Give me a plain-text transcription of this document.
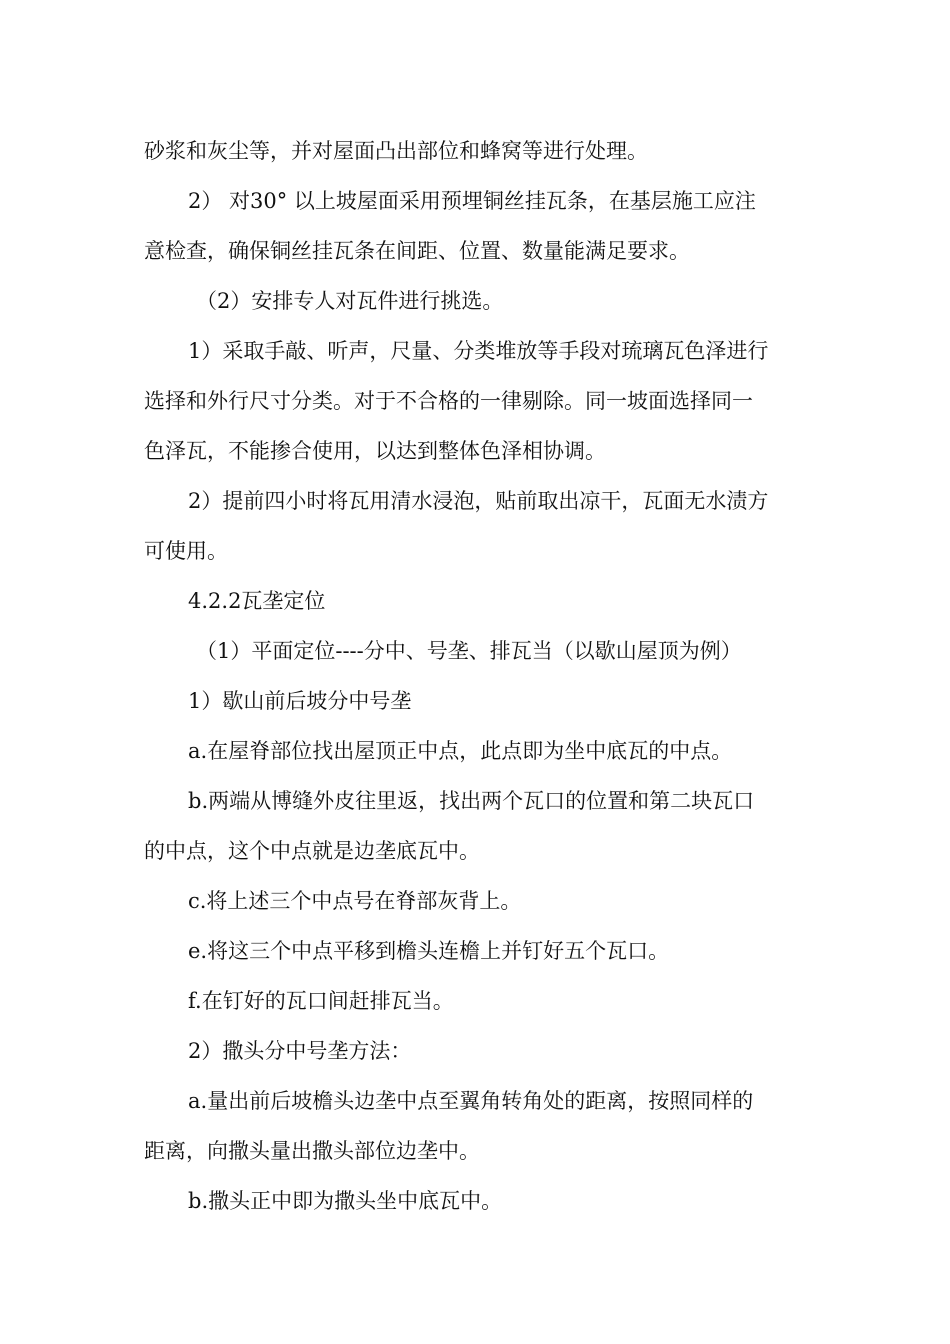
砂浆和灰尘等，并对屋面凸出部位和蜂窝等进行处理。
2） 对30° 以上坡屋面采用预埋铜丝挂瓦条，在基层施工应注
意检查，确保铜丝挂瓦条在间距、位置、数量能满足要求。
（2）安排专人对瓦件进行挑选。
1）采取手敲、听声，尺量、分类堆放等手段对琉璃瓦色泽进行
选择和外行尺寸分类。对于不合格的一律剔除。同一坡面选择同一
色泽瓦，不能掺合使用，以达到整体色泽相协调。
2）提前四小时将瓦用清水浸泡，贴前取出凉干，瓦面无水渍方
可使用。
4.2.2瓦垄定位
（1）平面定位----分中、号垄、排瓦当（以歇山屋顶为例）
1）歇山前后坡分中号垄
a.在屋脊部位找出屋顶正中点，此点即为坐中底瓦的中点。
b.两端从博缝外皮往里返，找出两个瓦口的位置和第二块瓦口
的中点，这个中点就是边垄底瓦中。
c.将上述三个中点号在脊部灰背上。
e.将这三个中点平移到檐头连檐上并钉好五个瓦口。
f.在钉好的瓦口间赶排瓦当。
2）撒头分中号垄方法：
a.量出前后坡檐头边垄中点至翼角转角处的距离，按照同样的
距离，向撒头量出撒头部位边垄中。
b.撒头正中即为撒头坐中底瓦中。
